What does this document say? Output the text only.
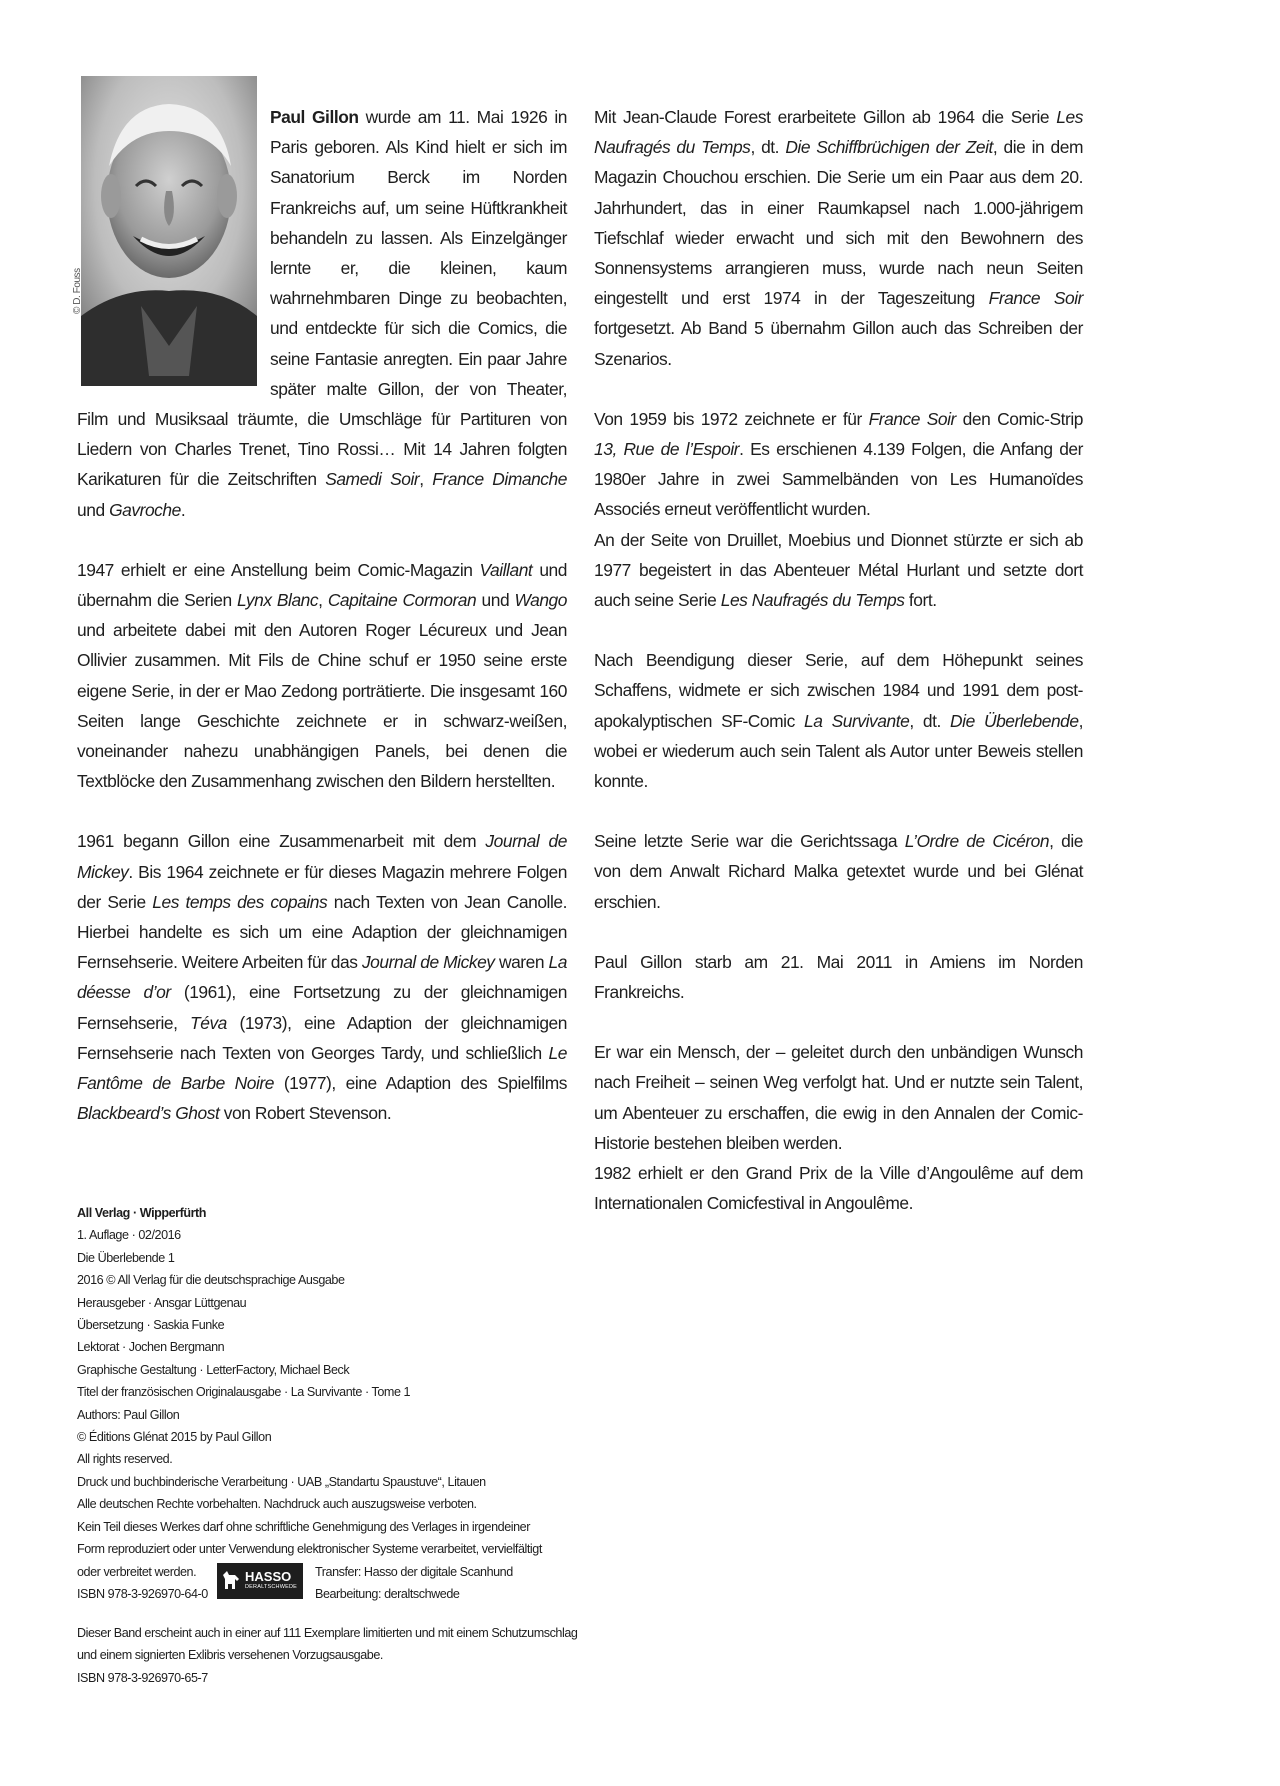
© D. Fouss
Paul Gillon wurde am 11. Mai 1926 in Paris geboren. Als Kind hielt er sich im Sanatorium Berck im Norden Frankreichs auf, um seine Hüftkrankheit behandeln zu lassen. Als Einzelgänger lernte er, die kleinen, kaum wahrnehmbaren Dinge zu beobachten, und entdeckte für sich die Comics, die seine Fantasie anregten. Ein paar Jahre später malte Gillon, der von Theater, Film und Musiksaal träumte, die Umschläge für Partituren von Liedern von Charles Trenet, Tino Rossi… Mit 14 Jahren folgten Karikaturen für die Zeitschriften Samedi Soir, France Dimanche und Gavroche.

1947 erhielt er eine Anstellung beim Comic-Magazin Vaillant und übernahm die Serien Lynx Blanc, Capitaine Cormoran und Wango und arbeitete dabei mit den Autoren Roger Lécureux und Jean Ollivier zusammen. Mit Fils de Chine schuf er 1950 seine erste eigene Serie, in der er Mao Zedong porträtierte. Die insgesamt 160 Seiten lange Geschichte zeichnete er in schwarz-weißen, voneinander nahezu unabhängigen Panels, bei denen die Textblöcke den Zusammenhang zwischen den Bildern herstellten.

1961 begann Gillon eine Zusammenarbeit mit dem Journal de Mickey. Bis 1964 zeichnete er für dieses Magazin mehrere Folgen der Serie Les temps des copains nach Texten von Jean Canolle. Hierbei handelte es sich um eine Adaption der gleichnamigen Fernsehserie. Weitere Arbeiten für das Journal de Mickey waren La déesse d’or (1961), eine Fortsetzung zu der gleichnamigen Fernsehserie, Téva (1973), eine Adaption der gleichnamigen Fernsehserie nach Texten von Georges Tardy, und schließlich Le Fantôme de Barbe Noire (1977), eine Adaption des Spielfilms Blackbeard’s Ghost von Robert Stevenson.

Mit Jean-Claude Forest erarbeitete Gillon ab 1964 die Serie Les Naufragés du Temps, dt. Die Schiffbrüchigen der Zeit, die in dem Magazin Chouchou erschien. Die Serie um ein Paar aus dem 20. Jahrhundert, das in einer Raumkapsel nach 1.000-jährigem Tiefschlaf wieder erwacht und sich mit den Bewohnern des Sonnensystems arrangieren muss, wurde nach neun Seiten eingestellt und erst 1974 in der Tageszeitung France Soir fortgesetzt. Ab Band 5 übernahm Gillon auch das Schreiben der Szenarios.

Von 1959 bis 1972 zeichnete er für France Soir den Comic-Strip 13, Rue de l’Espoir. Es erschienen 4.139 Folgen, die Anfang der 1980er Jahre in zwei Sammelbänden von Les Humanoïdes Associés erneut veröffentlicht wurden.

An der Seite von Druillet, Moebius und Dionnet stürzte er sich ab 1977 begeistert in das Abenteuer Métal Hurlant und setzte dort auch seine Serie Les Naufragés du Temps fort.

Nach Beendigung dieser Serie, auf dem Höhepunkt seines Schaffens, widmete er sich zwischen 1984 und 1991 dem post-apokalyptischen SF-Comic La Survivante, dt. Die Überlebende, wobei er wiederum auch sein Talent als Autor unter Beweis stellen konnte.

Seine letzte Serie war die Gerichtssaga L’Ordre de Cicéron, die von dem Anwalt Richard Malka getextet wurde und bei Glénat erschien.

Paul Gillon starb am 21. Mai 2011 in Amiens im Norden Frankreichs.

Er war ein Mensch, der – geleitet durch den unbändigen Wunsch nach Freiheit – seinen Weg verfolgt hat. Und er nutzte sein Talent, um Abenteuer zu erschaffen, die ewig in den Annalen der Comic-Historie bestehen bleiben werden.

1982 erhielt er den Grand Prix de la Ville d’Angoulême auf dem Internationalen Comicfestival in Angoulême.

All Verlag · Wipperfürth
1. Auflage · 02/2016
Die Überlebende 1
2016 © All Verlag für die deutschsprachige Ausgabe
Herausgeber · Ansgar Lüttgenau
Übersetzung · Saskia Funke
Lektorat · Jochen Bergmann
Graphische Gestaltung · LetterFactory, Michael Beck
Titel der französischen Originalausgabe · La Survivante · Tome 1
Authors: Paul Gillon
© Éditions Glénat 2015 by Paul Gillon
All rights reserved.
Druck und buchbinderische Verarbeitung · UAB „Standartu Spaustuve“, Litauen
Alle deutschen Rechte vorbehalten. Nachdruck auch auszugsweise verboten.
Kein Teil dieses Werkes darf ohne schriftliche Genehmigung des Verlages in irgendeiner
Form reproduziert oder unter Verwendung elektronischer Systeme verarbeitet, vervielfältigt
oder verbreitet werden.	HASSO
DERALTSCHWEDE
Transfer: Hasso der digitale Scanhund
Bearbeitung: deraltschwede
ISBN 978-3-926970-64-0
Dieser Band erscheint auch in einer auf 111 Exemplare limitierten und mit einem Schutzumschlag
und einem signierten Exlibris versehenen Vorzugsausgabe.
ISBN 978-3-926970-65-7
